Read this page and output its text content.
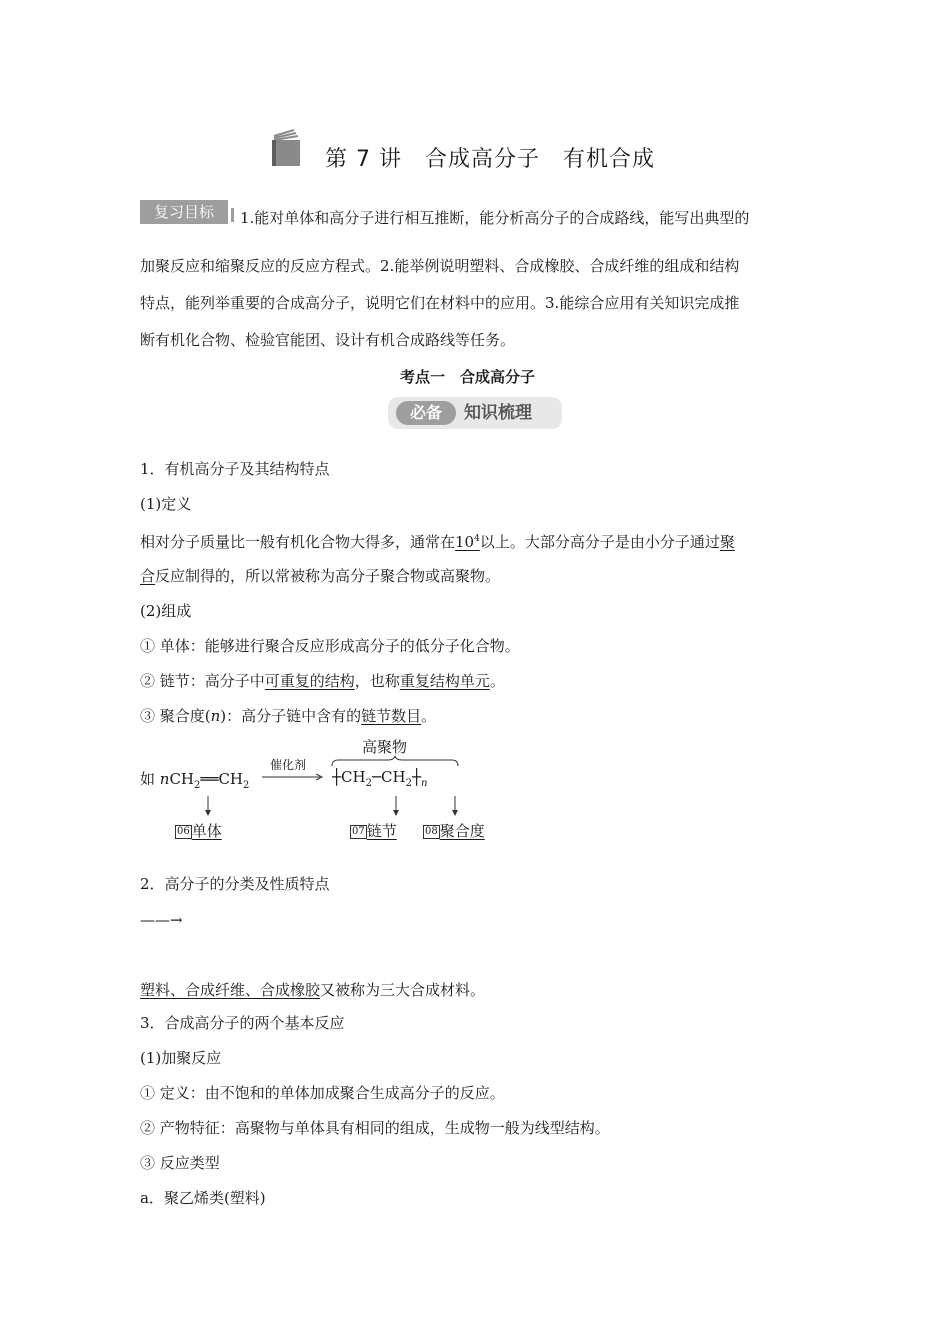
第 7 讲　合成高分子　有机合成
复习目标	1.能对单体和高分子进行相互推断，能分析高分子的合成路线，能写出典型的
加聚反应和缩聚反应的反应方程式。2.能举例说明塑料、合成橡胶、合成纤维的组成和结构
特点，能列举重要的合成高分子，说明它们在材料中的应用。3.能综合应用有关知识完成推
断有机化合物、检验官能团、设计有机合成路线等任务。
考点一　合成高分子
必备	知识梳理
1．有机高分子及其结构特点
(1)定义
相对分子质量比一般有机化合物大得多，通常在$10^4$以上。大部分高分子是由小分子通过聚
合反应制得的，所以常被称为高分子聚合物或高聚物。
(2)组成
① 单体：能够进行聚合反应形成高分子的低分子化合物。
② 链节：高分子中可重复的结构，也称重复结构单元。
③ 聚合度(n)：高分子链中含有的链节数目。
高聚物
如 $nCH_2══CH_2$
催化剂
→ $┼CH_2─CH_2┼_n$
06 单体	07 链节	08 聚合度
2．高分子的分类及性质特点
——→
塑料、合成纤维、合成橡胶又被称为三大合成材料。
3．合成高分子的两个基本反应
(1)加聚反应
① 定义：由不饱和的单体加成聚合生成高分子的反应。
② 产物特征：高聚物与单体具有相同的组成，生成物一般为线型结构。
③ 反应类型
a．聚乙烯类(塑料)
